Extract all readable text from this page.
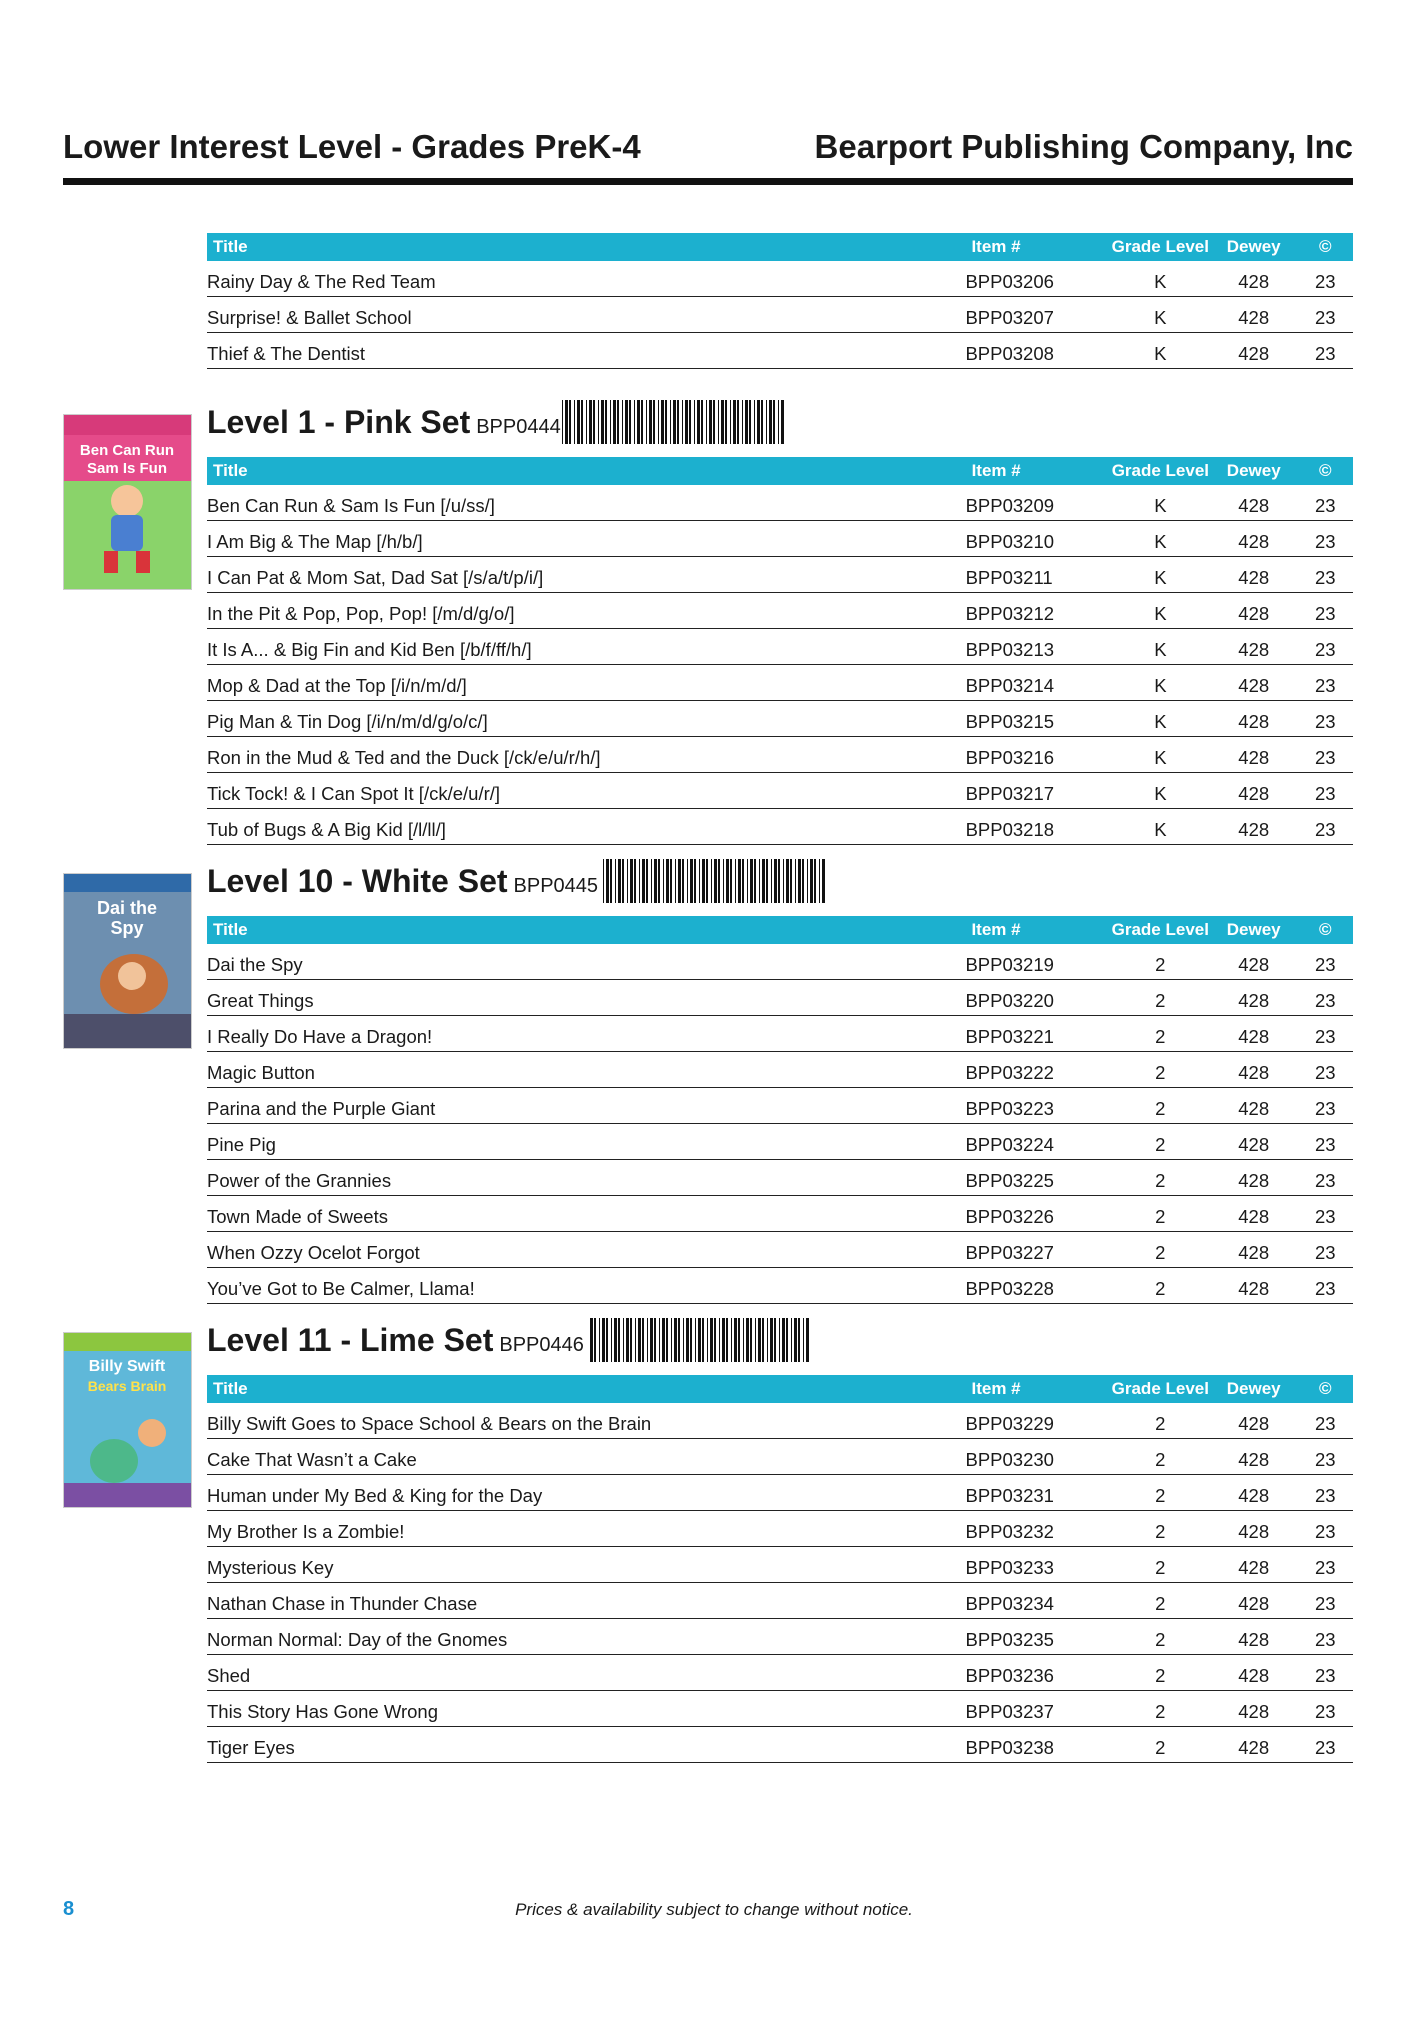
Lower Interest Level - Grades PreK-4	Bearport Publishing Company, Inc
Title	Item #	Grade Level	Dewey	©
Rainy Day & The Red Team	BPP03206	K	428	23
Surprise! & Ballet School	BPP03207	K	428	23
Thief & The Dentist	BPP03208	K	428	23
Ben Can Run
Sam Is Fun
Level 1 - Pink Set BPP0444
Title	Item #	Grade Level	Dewey	©
Ben Can Run & Sam Is Fun [/u/ss/]	BPP03209	K	428	23
I Am Big & The Map [/h/b/]	BPP03210	K	428	23
I Can Pat & Mom Sat, Dad Sat [/s/a/t/p/i/]	BPP03211	K	428	23
In the Pit & Pop, Pop, Pop! [/m/d/g/o/]	BPP03212	K	428	23
It Is A... & Big Fin and Kid Ben [/b/f/ff/h/]	BPP03213	K	428	23
Mop & Dad at the Top [/i/n/m/d/]	BPP03214	K	428	23
Pig Man & Tin Dog [/i/n/m/d/g/o/c/]	BPP03215	K	428	23
Ron in the Mud & Ted and the Duck [/ck/e/u/r/h/]	BPP03216	K	428	23
Tick Tock! & I Can Spot It [/ck/e/u/r/]	BPP03217	K	428	23
Tub of Bugs & A Big Kid [/l/ll/]	BPP03218	K	428	23
Dai the
Spy
Level 10 - White Set BPP0445
Title	Item #	Grade Level	Dewey	©
Dai the Spy	BPP03219	2	428	23
Great Things	BPP03220	2	428	23
I Really Do Have a Dragon!	BPP03221	2	428	23
Magic Button	BPP03222	2	428	23
Parina and the Purple Giant	BPP03223	2	428	23
Pine Pig	BPP03224	2	428	23
Power of the Grannies	BPP03225	2	428	23
Town Made of Sweets	BPP03226	2	428	23
When Ozzy Ocelot Forgot	BPP03227	2	428	23
You’ve Got to Be Calmer, Llama!	BPP03228	2	428	23
Billy Swift
Bears Brain
Level 11 - Lime Set BPP0446
Title	Item #	Grade Level	Dewey	©
Billy Swift Goes to Space School & Bears on the Brain	BPP03229	2	428	23
Cake That Wasn’t a Cake	BPP03230	2	428	23
Human under My Bed & King for the Day	BPP03231	2	428	23
My Brother Is a Zombie!	BPP03232	2	428	23
Mysterious Key	BPP03233	2	428	23
Nathan Chase in Thunder Chase	BPP03234	2	428	23
Norman Normal: Day of the Gnomes	BPP03235	2	428	23
Shed	BPP03236	2	428	23
This Story Has Gone Wrong	BPP03237	2	428	23
Tiger Eyes	BPP03238	2	428	23
8	Prices & availability subject to change without notice.
